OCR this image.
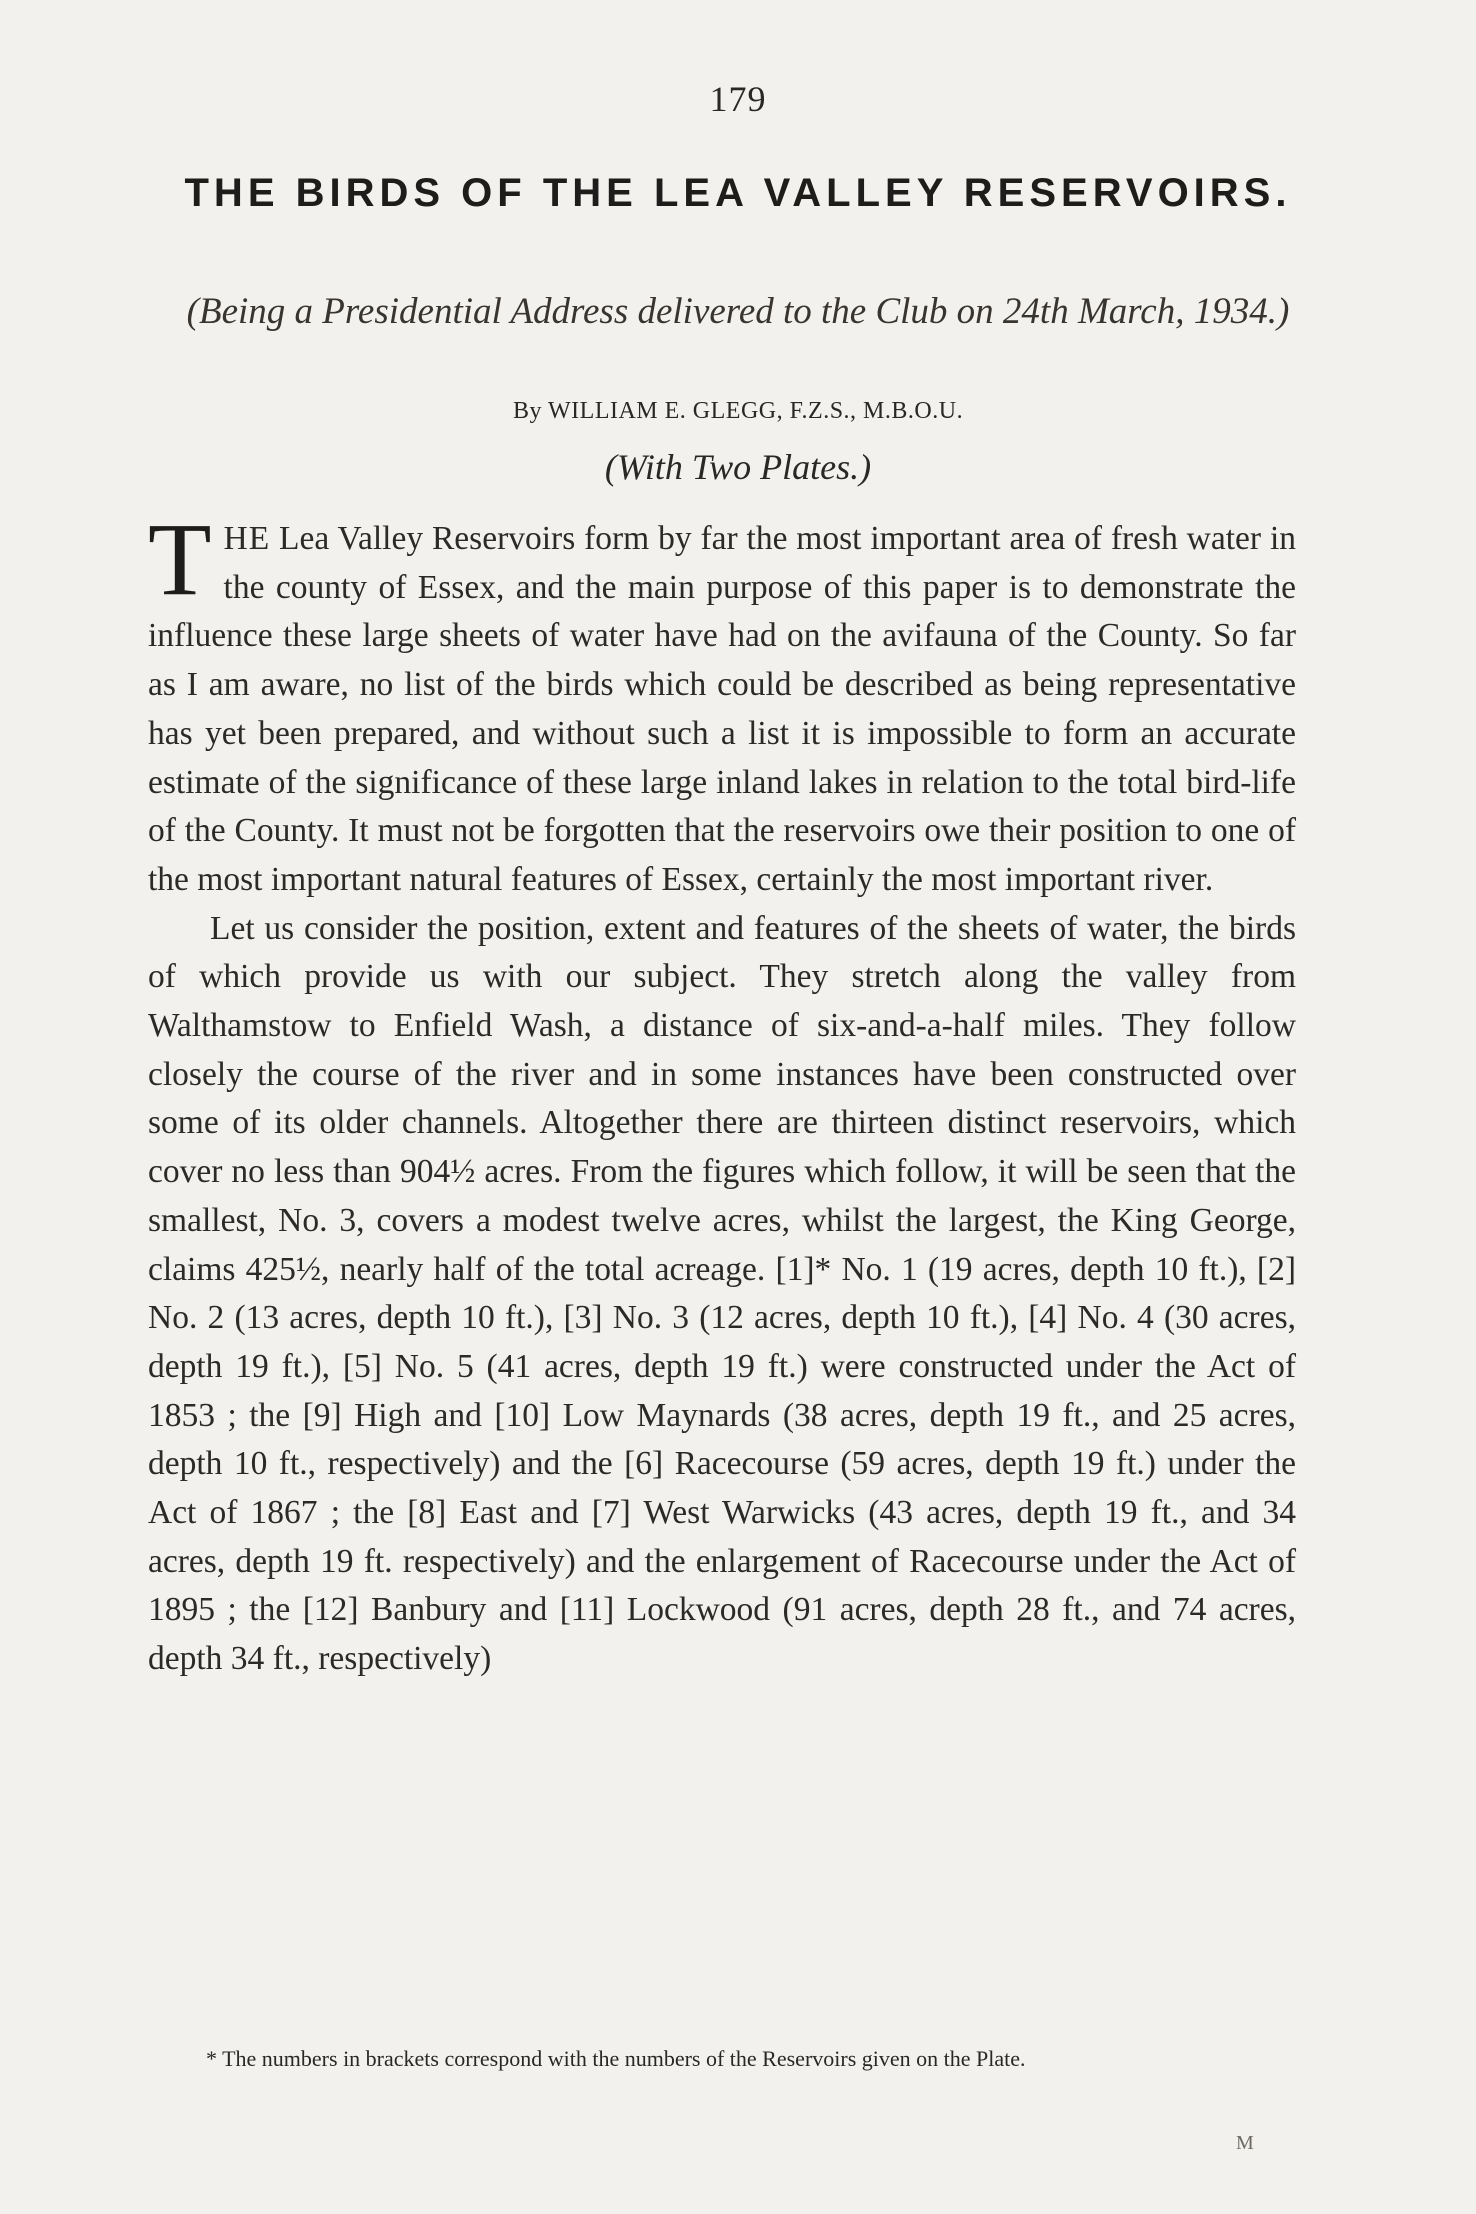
179
THE BIRDS OF THE LEA VALLEY RESERVOIRS.
(Being a Presidential Address delivered to the Club on 24th March, 1934.)
By WILLIAM E. GLEGG, F.Z.S., M.B.O.U.
(With Two Plates.)

THE Lea Valley Reservoirs form by far the most important area of fresh water in the county of Essex, and the main purpose of this paper is to demonstrate the influence these large sheets of water have had on the avifauna of the County. So far as I am aware, no list of the birds which could be described as being representative has yet been prepared, and without such a list it is impossible to form an accurate estimate of the significance of these large inland lakes in relation to the total bird-life of the County. It must not be forgotten that the reservoirs owe their position to one of the most important natural features of Essex, certainly the most important river.

Let us consider the position, extent and features of the sheets of water, the birds of which provide us with our subject. They stretch along the valley from Walthamstow to Enfield Wash, a distance of six-and-a-half miles. They follow closely the course of the river and in some instances have been constructed over some of its older channels. Altogether there are thirteen distinct reservoirs, which cover no less than 904½ acres. From the figures which follow, it will be seen that the smallest, No. 3, covers a modest twelve acres, whilst the largest, the King George, claims 425½, nearly half of the total acreage. [1]* No. 1 (19 acres, depth 10 ft.), [2] No. 2 (13 acres, depth 10 ft.), [3] No. 3 (12 acres, depth 10 ft.), [4] No. 4 (30 acres, depth 19 ft.), [5] No. 5 (41 acres, depth 19 ft.) were constructed under the Act of 1853 ; the [9] High and [10] Low Maynards (38 acres, depth 19 ft., and 25 acres, depth 10 ft., respectively) and the [6] Racecourse (59 acres, depth 19 ft.) under the Act of 1867 ; the [8] East and [7] West Warwicks (43 acres, depth 19 ft., and 34 acres, depth 19 ft. respectively) and the enlargement of Racecourse under the Act of 1895 ; the [12] Banbury and [11] Lockwood (91 acres, depth 28 ft., and 74 acres, depth 34 ft., respectively)

* The numbers in brackets correspond with the numbers of the Reservoirs given on the Plate.
M
